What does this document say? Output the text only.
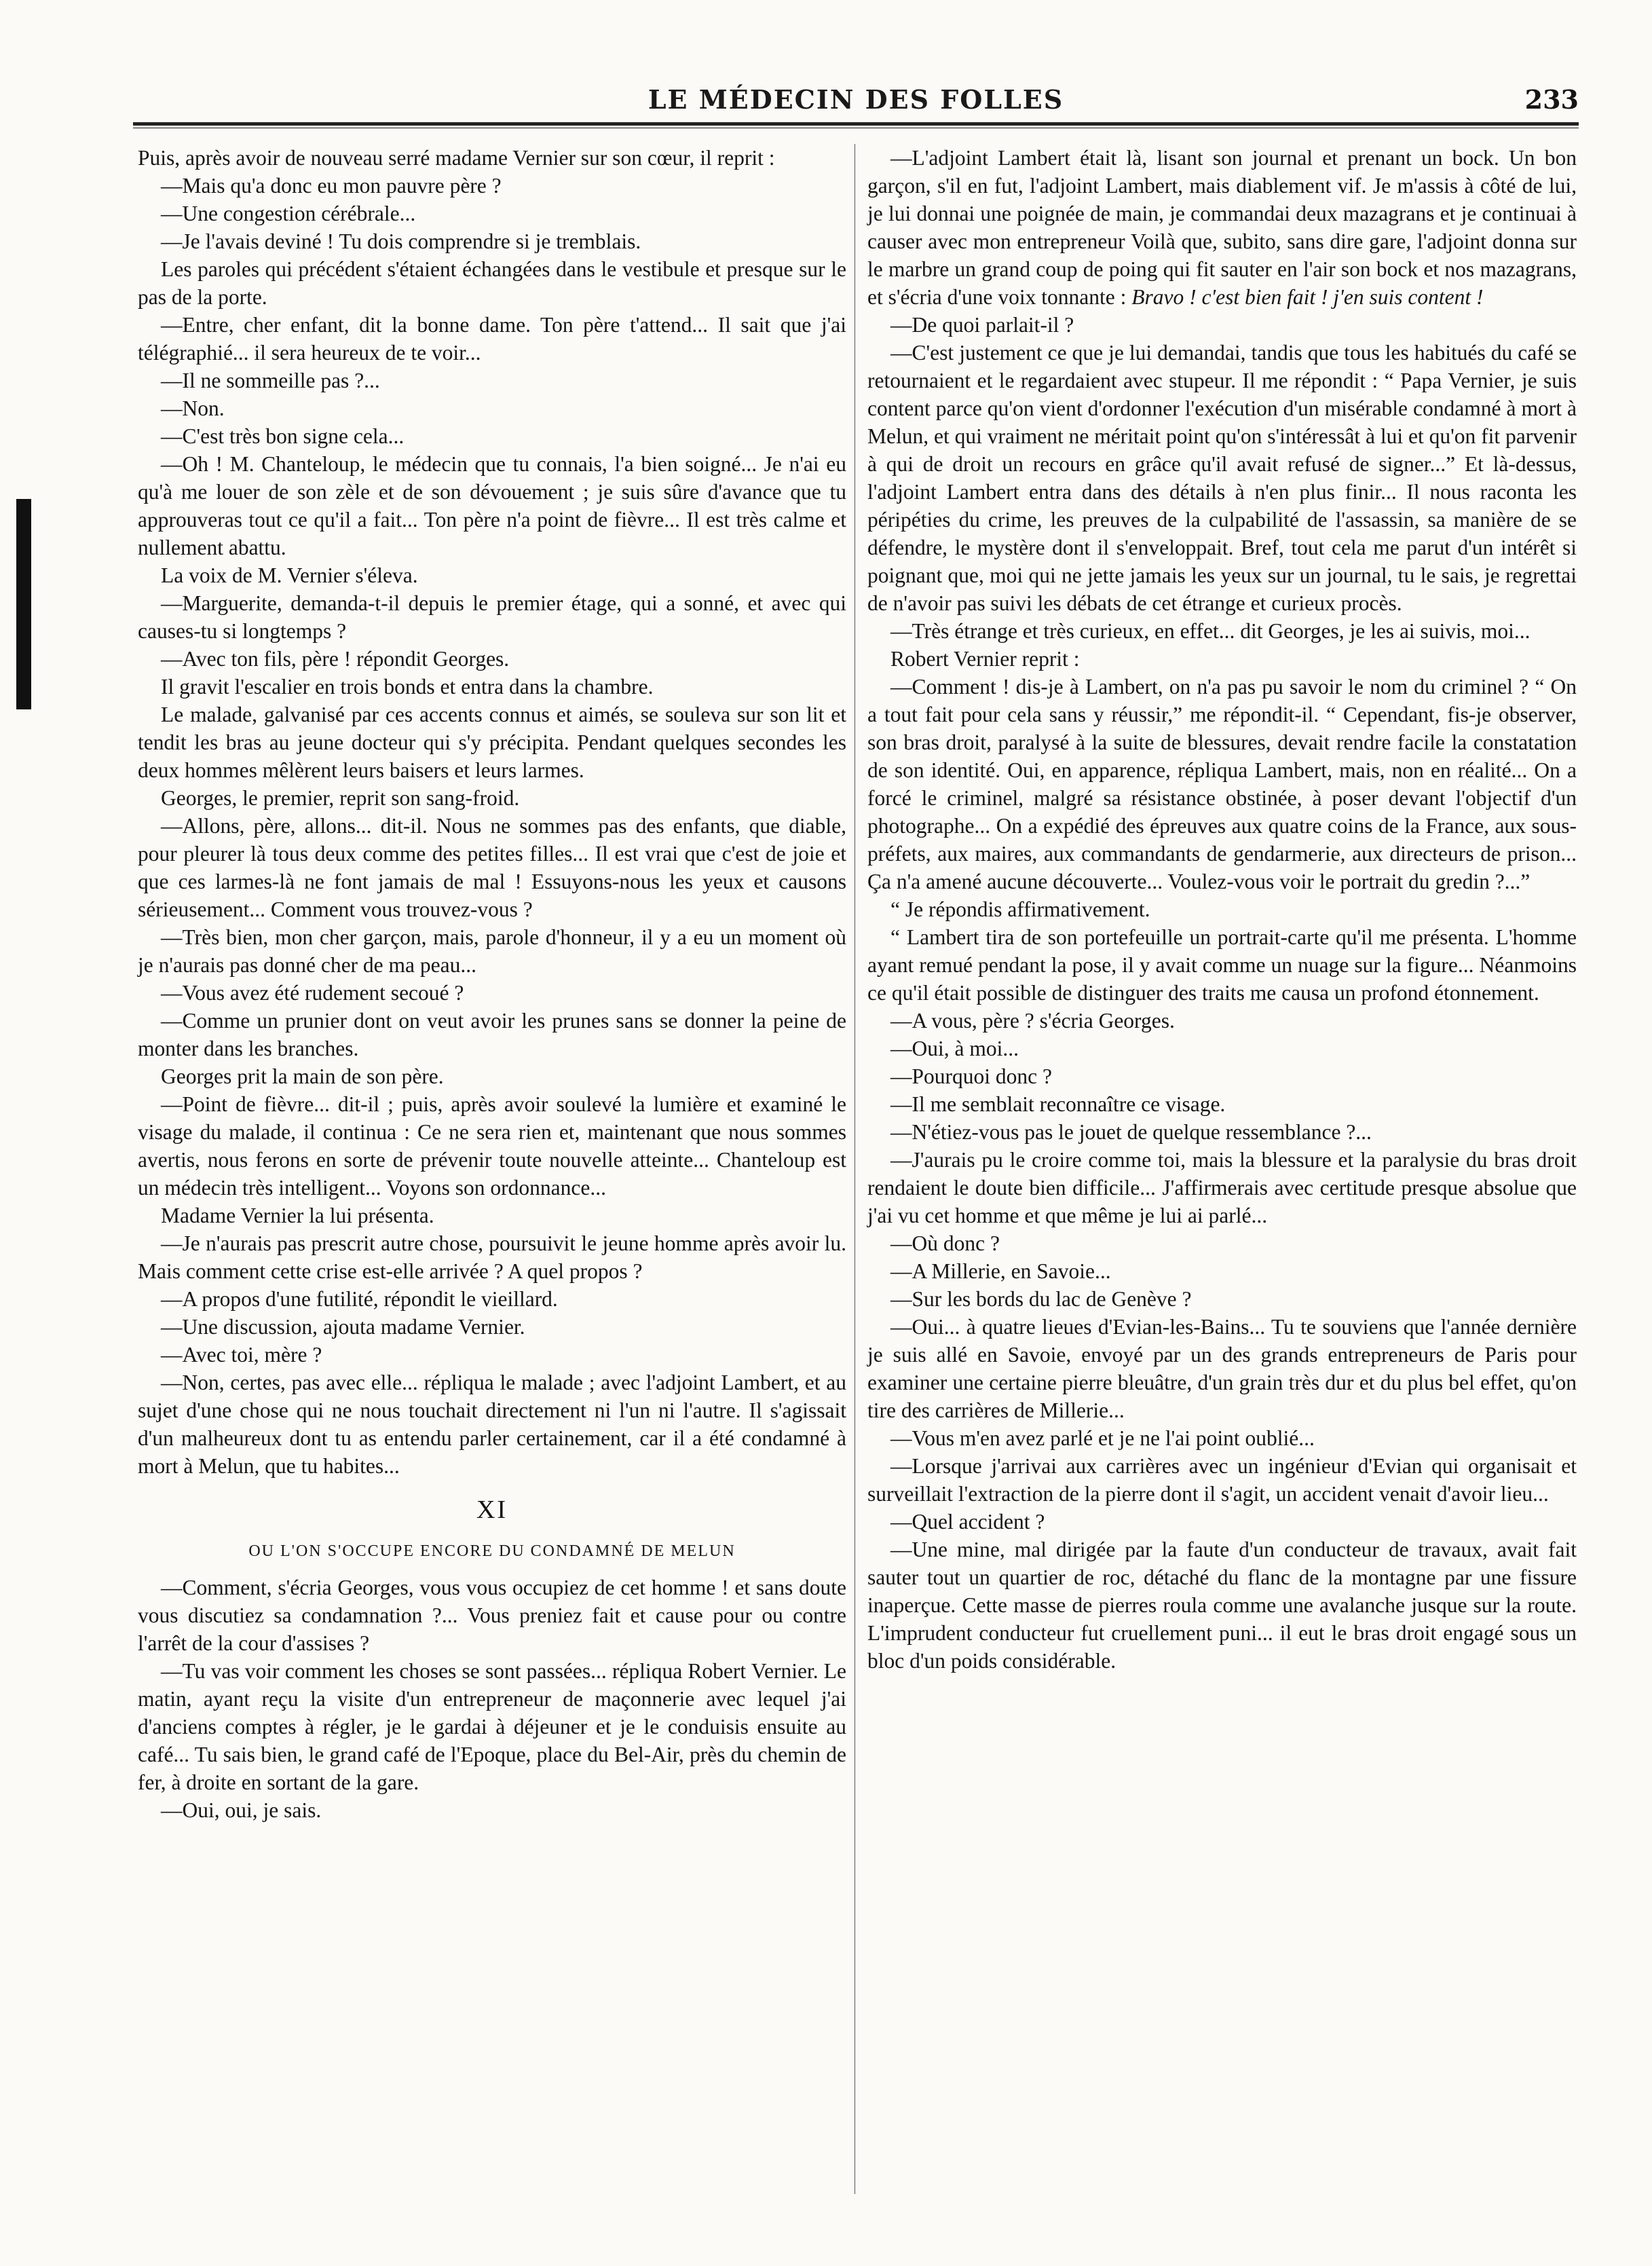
LE MÉDECIN DES FOLLES	233

Puis, après avoir de nouveau serré madame Vernier sur son cœur, il reprit :

—Mais qu'a donc eu mon pauvre père ?

—Une congestion cérébrale...

—Je l'avais deviné ! Tu dois comprendre si je tremblais.

Les paroles qui précédent s'étaient échangées dans le vestibule et presque sur le pas de la porte.

—Entre, cher enfant, dit la bonne dame. Ton père t'attend... Il sait que j'ai télégraphié... il sera heureux de te voir...

—Il ne sommeille pas ?...

—Non.

—C'est très bon signe cela...

—Oh ! M. Chanteloup, le médecin que tu connais, l'a bien soigné... Je n'ai eu qu'à me louer de son zèle et de son dévouement ; je suis sûre d'avance que tu approuveras tout ce qu'il a fait... Ton père n'a point de fièvre... Il est très calme et nullement abattu.

La voix de M. Vernier s'éleva.

—Marguerite, demanda-t-il depuis le premier étage, qui a sonné, et avec qui causes-tu si longtemps ?

—Avec ton fils, père ! répondit Georges.

Il gravit l'escalier en trois bonds et entra dans la chambre.

Le malade, galvanisé par ces accents connus et aimés, se souleva sur son lit et tendit les bras au jeune docteur qui s'y précipita. Pendant quelques secondes les deux hommes mêlèrent leurs baisers et leurs larmes.

Georges, le premier, reprit son sang-froid.

—Allons, père, allons... dit-il. Nous ne sommes pas des enfants, que diable, pour pleurer là tous deux comme des petites filles... Il est vrai que c'est de joie et que ces larmes-là ne font jamais de mal ! Essuyons-nous les yeux et causons sérieusement... Comment vous trouvez-vous ?

—Très bien, mon cher garçon, mais, parole d'honneur, il y a eu un moment où je n'aurais pas donné cher de ma peau...

—Vous avez été rudement secoué ?

—Comme un prunier dont on veut avoir les prunes sans se donner la peine de monter dans les branches.

Georges prit la main de son père.

—Point de fièvre... dit-il ; puis, après avoir soulevé la lumière et examiné le visage du malade, il continua : Ce ne sera rien et, maintenant que nous sommes avertis, nous ferons en sorte de prévenir toute nouvelle atteinte... Chanteloup est un médecin très intelligent... Voyons son ordonnance...

Madame Vernier la lui présenta.

—Je n'aurais pas prescrit autre chose, poursuivit le jeune homme après avoir lu. Mais comment cette crise est-elle arrivée ? A quel propos ?

—A propos d'une futilité, répondit le vieillard.

—Une discussion, ajouta madame Vernier.

—Avec toi, mère ?

—Non, certes, pas avec elle... répliqua le malade ; avec l'adjoint Lambert, et au sujet d'une chose qui ne nous touchait directement ni l'un ni l'autre. Il s'agissait d'un malheureux dont tu as entendu parler certainement, car il a été condamné à mort à Melun, que tu habites...

XI

OU L'ON S'OCCUPE ENCORE DU CONDAMNÉ DE MELUN

—Comment, s'écria Georges, vous vous occupiez de cet homme ! et sans doute vous discutiez sa condamnation ?... Vous preniez fait et cause pour ou contre l'arrêt de la cour d'assises ?

—Tu vas voir comment les choses se sont passées... répliqua Robert Vernier. Le matin, ayant reçu la visite d'un entrepreneur de maçonnerie avec lequel j'ai d'anciens comptes à régler, je le gardai à déjeuner et je le conduisis ensuite au café... Tu sais bien, le grand café de l'Epoque, place du Bel-Air, près du chemin de fer, à droite en sortant de la gare.

—Oui, oui, je sais.

—L'adjoint Lambert était là, lisant son journal et prenant un bock. Un bon garçon, s'il en fut, l'adjoint Lambert, mais diablement vif. Je m'assis à côté de lui, je lui donnai une poignée de main, je commandai deux mazagrans et je continuai à causer avec mon entrepreneur Voilà que, subito, sans dire gare, l'adjoint donna sur le marbre un grand coup de poing qui fit sauter en l'air son bock et nos mazagrans, et s'écria d'une voix tonnante : Bravo ! c'est bien fait ! j'en suis content !

—De quoi parlait-il ?

—C'est justement ce que je lui demandai, tandis que tous les habitués du café se retournaient et le regardaient avec stupeur. Il me répondit : “ Papa Vernier, je suis content parce qu'on vient d'ordonner l'exécution d'un misérable condamné à mort à Melun, et qui vraiment ne méritait point qu'on s'intéressât à lui et qu'on fit parvenir à qui de droit un recours en grâce qu'il avait refusé de signer...” Et là-dessus, l'adjoint Lambert entra dans des détails à n'en plus finir... Il nous raconta les péripéties du crime, les preuves de la culpabilité de l'assassin, sa manière de se défendre, le mystère dont il s'enveloppait. Bref, tout cela me parut d'un intérêt si poignant que, moi qui ne jette jamais les yeux sur un journal, tu le sais, je regrettai de n'avoir pas suivi les débats de cet étrange et curieux procès.

—Très étrange et très curieux, en effet... dit Georges, je les ai suivis, moi...

Robert Vernier reprit :

—Comment ! dis-je à Lambert, on n'a pas pu savoir le nom du criminel ? “ On a tout fait pour cela sans y réussir,” me répondit-il. “ Cependant, fis-je observer, son bras droit, paralysé à la suite de blessures, devait rendre facile la constatation de son identité. Oui, en apparence, répliqua Lambert, mais, non en réalité... On a forcé le criminel, malgré sa résistance obstinée, à poser devant l'objectif d'un photographe... On a expédié des épreuves aux quatre coins de la France, aux sous-préfets, aux maires, aux commandants de gendarmerie, aux directeurs de prison... Ça n'a amené aucune découverte... Voulez-vous voir le portrait du gredin ?...”

“ Je répondis affirmativement.

“ Lambert tira de son portefeuille un portrait-carte qu'il me présenta. L'homme ayant remué pendant la pose, il y avait comme un nuage sur la figure... Néanmoins ce qu'il était possible de distinguer des traits me causa un profond étonnement.

—A vous, père ? s'écria Georges.

—Oui, à moi...

—Pourquoi donc ?

—Il me semblait reconnaître ce visage.

—N'étiez-vous pas le jouet de quelque ressemblance ?...

—J'aurais pu le croire comme toi, mais la blessure et la paralysie du bras droit rendaient le doute bien difficile... J'affirmerais avec certitude presque absolue que j'ai vu cet homme et que même je lui ai parlé...

—Où donc ?

—A Millerie, en Savoie...

—Sur les bords du lac de Genève ?

—Oui... à quatre lieues d'Evian-les-Bains... Tu te souviens que l'année dernière je suis allé en Savoie, envoyé par un des grands entrepreneurs de Paris pour examiner une certaine pierre bleuâtre, d'un grain très dur et du plus bel effet, qu'on tire des carrières de Millerie...

—Vous m'en avez parlé et je ne l'ai point oublié...

—Lorsque j'arrivai aux carrières avec un ingénieur d'Evian qui organisait et surveillait l'extraction de la pierre dont il s'agit, un accident venait d'avoir lieu...

—Quel accident ?

—Une mine, mal dirigée par la faute d'un conducteur de travaux, avait fait sauter tout un quartier de roc, détaché du flanc de la montagne par une fissure inaperçue. Cette masse de pierres roula comme une avalanche jusque sur la route. L'imprudent conducteur fut cruellement puni... il eut le bras droit engagé sous un bloc d'un poids considérable.
